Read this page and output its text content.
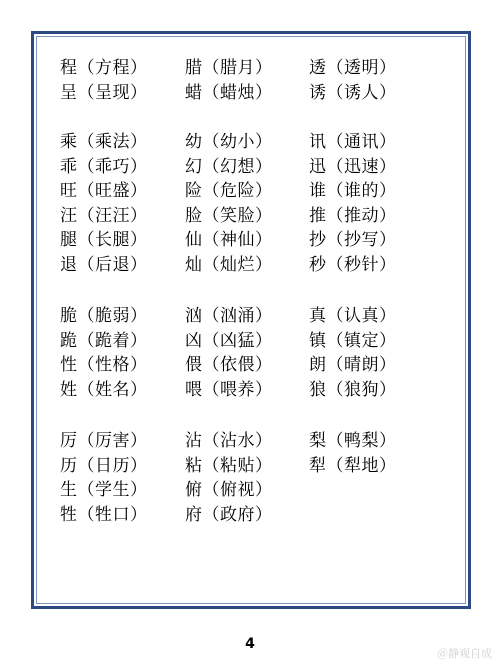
程（方程） 腊（腊月） 透（透明）
呈（呈现） 蜡（蜡烛） 诱（诱人）
乘（乘法） 幼（幼小） 讯（通讯）
乖（乖巧） 幻（幻想） 迅（迅速）
旺（旺盛） 险（危险） 谁（谁的）
汪（汪汪） 脸（笑脸） 推（推动）
腿（长腿） 仙（神仙） 抄（抄写）
退（后退） 灿（灿烂） 秒（秒针）
脆（脆弱） 汹（汹涌） 真（认真）
跪（跪着） 凶（凶猛） 镇（镇定）
性（性格） 偎（依偎） 朗（晴朗）
姓（姓名） 喂（喂养） 狼（狼狗）
厉（厉害） 沾（沾水） 梨（鸭梨）
历（日历） 粘（粘贴） 犁（犁地）
生（学生） 俯（俯视）
牲（牲口） 府（政府）
4
＠静观自成
